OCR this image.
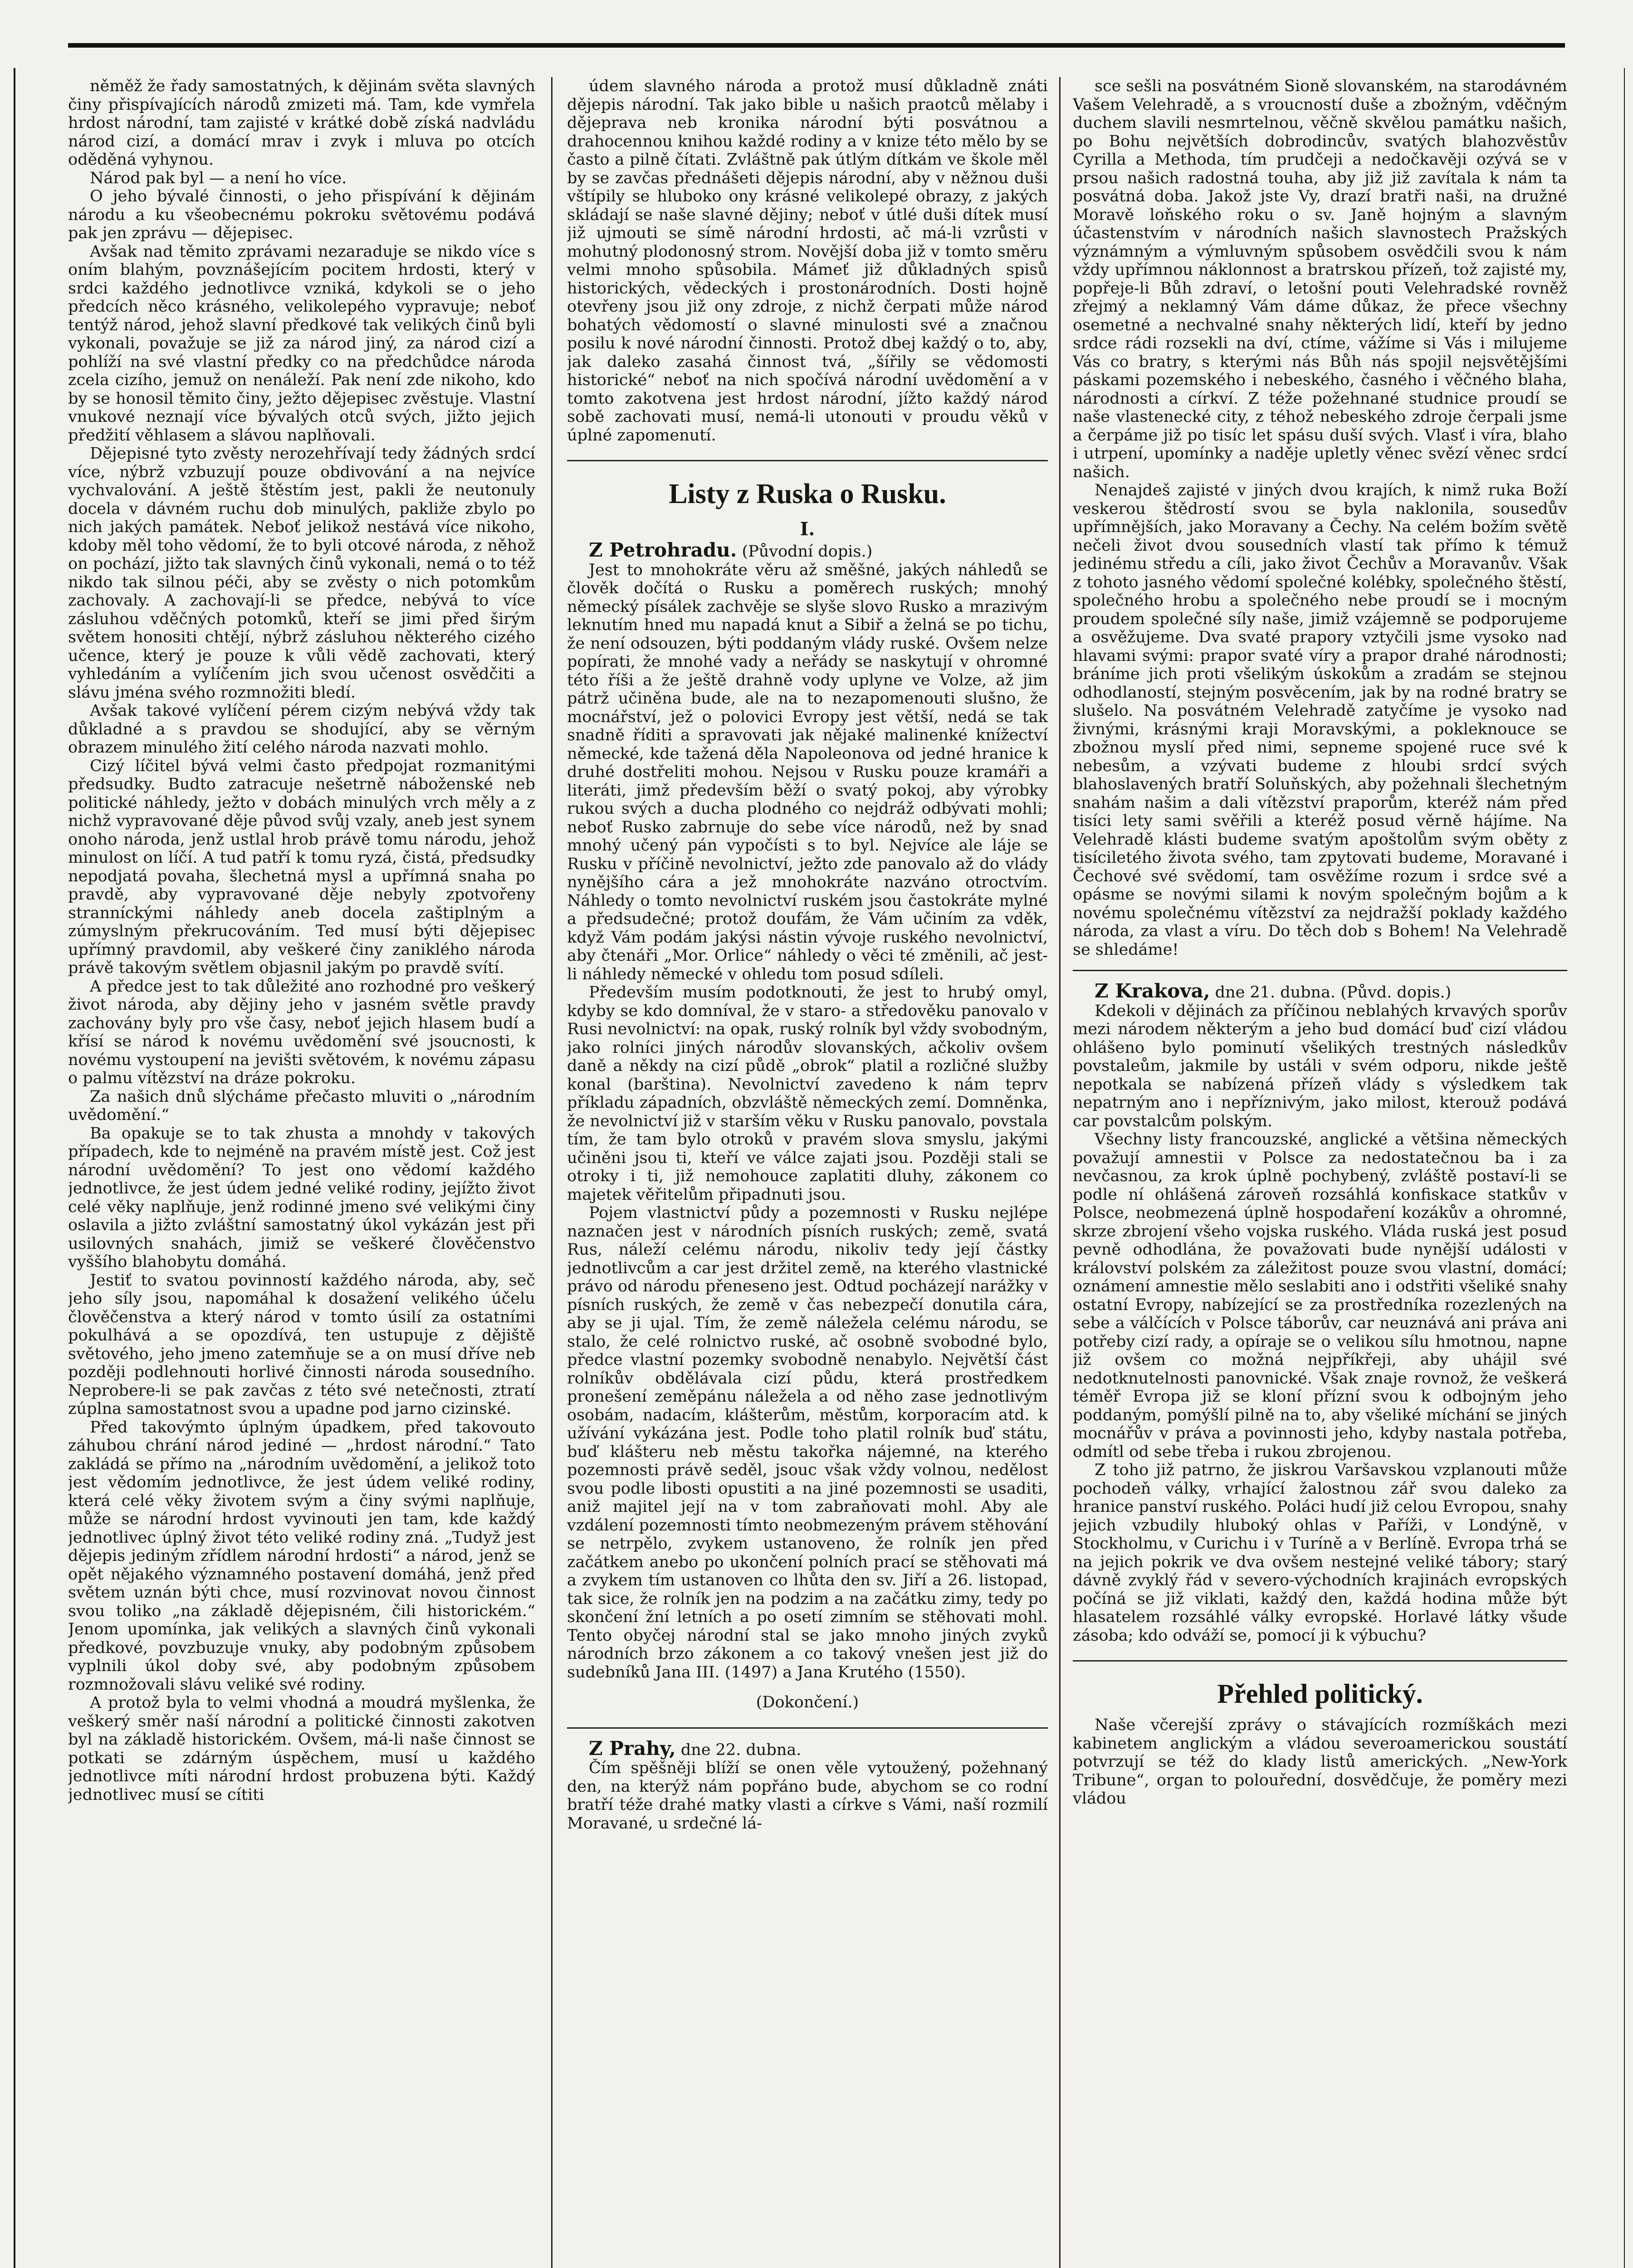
něměž že řady samostatných, k dějinám světa slavných činy přispívajících národů zmizeti má. Tam, kde vymřela hrdost národní, tam zajisté v krátké době získá nadvládu národ cizí, a domácí mrav i zvyk i mluva po otcích oděděná vyhynou.

Národ pak byl — a není ho více.

O jeho bývalé činnosti, o jeho přispívání k dějinám národu a ku všeobecnému pokroku světovému podává pak jen zprávu — dějepisec.

Avšak nad těmito zprávami nezaraduje se nikdo více s oním blahým, povznášejícím pocitem hrdosti, který v srdci každého jednotlivce vzniká, kdykoli se o jeho předcích něco krásného, velikolepého vypravuje; neboť tentýž národ, jehož slavní předkové tak velikých činů byli vykonali, považuje se již za národ jiný, za národ cizí a pohlíží na své vlastní předky co na předchůdce národa zcela cizího, jemuž on nenáleží. Pak není zde nikoho, kdo by se honosil těmito činy, ježto dějepisec zvěstuje. Vlastní vnukové neznají více bývalých otců svých, jižto jejich předžití věhlasem a slávou naplňovali.

Dějepisné tyto zvěsty nerozehřívají tedy žádných srdcí více, nýbrž vzbuzují pouze obdivování a na nejvíce vychvalování. A ještě štěstím jest, pakli že neutonuly docela v dávném ruchu dob minulých, pakliže zbylo po nich jakých památek. Neboť jelikož nestává více nikoho, kdoby měl toho vědomí, že to byli otcové národa, z něhož on pochází, jižto tak slavných činů vykonali, nemá o to též nikdo tak silnou péči, aby se zvěsty o nich potomkům zachovaly. A zachovají-li se předce, nebývá to více zásluhou vděčných potomků, kteří se jimi před širým světem honositi chtějí, nýbrž zásluhou některého cizého učence, který je pouze k vůli vědě zachovati, který vyhledáním a vylíčením jich svou učenost osvědčiti a slávu jména svého rozmnožiti bledí.

Avšak takové vylíčení pérem cizým nebývá vždy tak důkladné a s pravdou se shodující, aby se věrným obrazem minulého žití celého národa nazvati mohlo.

Cizý líčitel bývá velmi často předpojat rozmanitými předsudky. Budto zatracuje nešetrně náboženské neb politické náhledy, ježto v dobách minulých vrch měly a z nichž vypravované děje původ svůj vzaly, aneb jest synem onoho národa, jenž ustlal hrob právě tomu národu, jehož minulost on líčí. A tud patří k tomu ryzá, čistá, předsudky nepodjatá povaha, šlechetná mysl a upřímná snaha po pravdě, aby vypravované děje nebyly zpotvořeny stranníckými náhledy aneb docela zaštiplným a zúmyslným překrucováním. Ted musí býti dějepisec upřímný pravdomil, aby veškeré činy zaniklého národa právě takovým světlem objasnil jakým po pravdě svítí.

A předce jest to tak důležité ano rozhodné pro veškerý život národa, aby dějiny jeho v jasném světle pravdy zachovány byly pro vše časy, neboť jejich hlasem budí a křísí se národ k novému uvědomění své jsoucnosti, k novému vystoupení na jevišti světovém, k novému zápasu o palmu vítězství na dráze pokroku.

Za našich dnů slýcháme přečasto mluviti o „národním uvědomění.“

Ba opakuje se to tak zhusta a mnohdy v takových případech, kde to nejméně na pravém místě jest. Což jest národní uvědomění? To jest ono vědomí každého jednotlivce, že jest údem jedné veliké rodiny, jejížto život celé věky naplňuje, jenž rodinné jmeno své velikými činy oslavila a jižto zvláštní samostatný úkol vykázán jest při usilovných snahách, jimiž se veškeré člověčenstvo vyššího blahobytu domáhá.

Jestiť to svatou povinností každého národa, aby, seč jeho síly jsou, napomáhal k dosažení velikého účelu člověčenstva a který národ v tomto úsilí za ostatními pokulhává a se opozdívá, ten ustupuje z dějiště světového, jeho jmeno zatemňuje se a on musí dříve neb později podlehnouti horlivé činnosti národa sousedního. Neprobere-li se pak zavčas z této své netečnosti, ztratí zúplna samostatnost svou a upadne pod jarno cizinské.

Před takovýmto úplným úpadkem, před takovouto záhubou chrání národ jediné — „hrdost národní.“ Tato zakládá se přímo na „národním uvědomění, a jelikož toto jest vědomím jednotlivce, že jest údem veliké rodiny, která celé věky životem svým a činy svými naplňuje, může se národní hrdost vyvinouti jen tam, kde každý jednotlivec úplný život této veliké rodiny zná. „Tudyž jest dějepis jediným zřídlem národní hrdosti“ a národ, jenž se opět nějakého významného postavení domáhá, jenž před světem uznán býti chce, musí rozvinovat novou činnost svou toliko „na základě dějepisném, čili historickém.“ Jenom upomínka, jak velikých a slavných činů vykonali předkové, povzbuzuje vnuky, aby podobným způsobem vyplnili úkol doby své, aby podobným způsobem rozmnožovali slávu veliké své rodiny.

A protož byla to velmi vhodná a moudrá myšlenka, že veškerý směr naší národní a politické činnosti zakotven byl na základě historickém. Ovšem, má-li naše činnost se potkati se zdárným úspěchem, musí u každého jednotlivce míti národní hrdost probuzena býti. Každý jednotlivec musí se cítiti

údem slavného národa a protož musí důkladně znáti dějepis národní. Tak jako bible u našich praotců mělaby i dějeprava neb kronika národní býti posvátnou a drahocennou knihou každé rodiny a v knize této mělo by se často a pilně čítati. Zvláštně pak útlým dítkám ve škole měl by se zavčas přednášeti dějepis národní, aby v něžnou duši vštípily se hluboko ony krásné velikolepé obrazy, z jakých skládají se naše slavné dějiny; neboť v útlé duši dítek musí již ujmouti se símě národní hrdosti, ač má-li vzrůsti v mohutný plodonosný strom. Novější doba již v tomto směru velmi mnoho spůsobila. Mámeť již důkladných spisů historických, vědeckých i prostonárodních. Dosti hojně otevřeny jsou již ony zdroje, z nichž čerpati může národ bohatých vědomostí o slavné minulosti své a značnou posilu k nové národní činnosti. Protož dbej každý o to, aby, jak daleko zasahá činnost tvá, „šířily se vědomosti historické“ neboť na nich spočívá národní uvědomění a v tomto zakotvena jest hrdost národní, jížto každý národ sobě zachovati musí, nemá-li utonouti v proudu věků v úplné zapomenutí.

Listy z Ruska o Rusku.
I.

Z Petrohradu. (Původní dopis.)

Jest to mnohokráte věru až směšné, jakých náhledů se člověk dočítá o Rusku a poměrech ruských; mnohý německý písálek zachvěje se slyše slovo Rusko a mrazivým leknutím hned mu napadá knut a Sibiř a želná se po tichu, že není odsouzen, býti poddaným vlády ruské. Ovšem nelze popírati, že mnohé vady a neřády se naskytují v ohromné této říši a že ještě drahně vody uplyne ve Volze, až jim pátrž učiněna bude, ale na to nezapomenouti slušno, že mocnářství, jež o polovici Evropy jest větší, nedá se tak snadně říditi a spravovati jak nějaké malinenké knížectví německé, kde tažená děla Napoleonova od jedné hranice k druhé dostřeliti mohou. Nejsou v Rusku pouze kramáři a literáti, jimž především běží o svatý pokoj, aby výrobky rukou svých a ducha plodného co nejdráž odbývati mohli; neboť Rusko zabrnuje do sebe více národů, než by snad mnohý učený pán vypočísti s to byl. Nejvíce ale láje se Rusku v příčině nevolnictví, ježto zde panovalo až do vlády nynějšího cára a jež mnohokráte nazváno otroctvím. Náhledy o tomto nevolnictví ruském jsou častokráte mylné a předsudečné; protož doufám, že Vám učiním za vděk, když Vám podám jakýsi nástin vývoje ruského nevolnictví, aby čtenáři „Mor. Orlice“ náhledy o věci té změnili, ač jest-li náhledy německé v ohledu tom posud sdíleli.

Především musím podotknouti, že jest to hrubý omyl, kdyby se kdo domníval, že v staro- a středověku panovalo v Rusi nevolnictví: na opak, ruský rolník byl vždy svobodným, jako rolníci jiných národův slovanských, ačkoliv ovšem daně a někdy na cizí půdě „obrok“ platil a rozličné služby konal (barština). Nevolnictví zavedeno k nám teprv příkladu západních, obzvláště německých zemí. Domněnka, že nevolnictví již v starším věku v Rusku panovalo, povstala tím, že tam bylo otroků v pravém slova smyslu, jakými učiněni jsou ti, kteří ve válce zajati jsou. Později stali se otroky i ti, již nemohouce zaplatiti dluhy, zákonem co majetek věřitelům připadnuti jsou.

Pojem vlastnictví půdy a pozemnosti v Rusku nejlépe naznačen jest v národních písních ruských; země, svatá Rus, náleží celému národu, nikoliv tedy její částky jednotlivcům a car jest držitel země, na kterého vlastnické právo od národu přeneseno jest. Odtud pocházejí narážky v písních ruských, že země v čas nebezpečí donutila cára, aby se ji ujal. Tím, že země náležela celému národu, se stalo, že celé rolnictvo ruské, ač osobně svobodné bylo, předce vlastní pozemky svobodně nenabylo. Největší část rolníkův obdělávala cizí půdu, která prostředkem pronešení zeměpánu náležela a od něho zase jednotlivým osobám, nadacím, klášterům, městům, korporacím atd. k užívání vykázána jest. Podle toho platil rolník buď státu, buď klášteru neb městu takořka nájemné, na kterého pozemnosti právě seděl, jsouc však vždy volnou, nedělost svou podle libosti opustiti a na jiné pozemnosti se usaditi, aniž majitel její na v tom zabraňovati mohl. Aby ale vzdálení pozemnosti tímto neobmezeným právem stěhování se netrpělo, zvykem ustanoveno, že rolník jen před začátkem anebo po ukončení polních prací se stěhovati má a zvykem tím ustanoven co lhůta den sv. Jiří a 26. listopad, tak sice, že rolník jen na podzim a na začátku zimy, tedy po skončení žní letních a po osetí zimním se stěhovati mohl. Tento obyčej národní stal se jako mnoho jiných zvyků národních brzo zákonem a co takový vnešen jest již do sudebníků Jana III. (1497) a Jana Krutého (1550).

(Dokončení.)

Z Prahy, dne 22. dubna.

Čím spěšněji blíží se onen věle vytoužený, požehnaný den, na kterýž nám popřáno bude, abychom se co rodní bratří téže drahé matky vlasti a církve s Vámi, naší rozmilí Moravané, u srdečné lá-

sce sešli na posvátném Sioně slovanském, na starodávném Vašem Velehradě, a s vroucností duše a zbožným, vděčným duchem slavili nesmrtelnou, věčně skvělou památku našich, po Bohu největších dobrodincův, svatých blahozvěstův Cyrilla a Methoda, tím prudčeji a nedočkavěji ozývá se v prsou našich radostná touha, aby již již zavítala k nám ta posvátná doba. Jakož jste Vy, drazí bratři naši, na družné Moravě loňského roku o sv. Janě hojným a slavným účastenstvím v národních našich slavnostech Pražských význámným a výmluvným spůsobem osvědčili svou k nám vždy upřímnou náklonnost a bratrskou přízeň, tož zajisté my, popřeje-li Bůh zdraví, o letošní pouti Velehradské rovněž zřejmý a neklamný Vám dáme důkaz, že přece všechny osemetné a nechvalné snahy některých lidí, kteří by jedno srdce rádi rozsekli na dví, ctíme, vážíme si Vás i milujeme Vás co bratry, s kterými nás Bůh nás spojil nejsvětějšími páskami pozemského i nebeského, časného i věčného blaha, národnosti a církví. Z téže požehnané studnice proudí se naše vlastenecké city, z téhož nebeského zdroje čerpali jsme a čerpáme již po tisíc let spásu duší svých. Vlasť i víra, blaho i utrpení, upomínky a naděje upletly věnec svězí věnec srdcí našich.

Nenajdeš zajisté v jiných dvou krajích, k nimž ruka Boží veskerou štědrostí svou se byla naklonila, sousedův upřímnějších, jako Moravany a Čechy. Na celém božím světě nečeli život dvou sousedních vlastí tak přímo k témuž jedinému středu a cíli, jako život Čechův a Moravanův. Však z tohoto jasného vědomí společné kolébky, společného štěstí, společného hrobu a společného nebe proudí se i mocným proudem společné síly naše, jimiž vzájemně se podporujeme a osvěžujeme. Dva svaté prapory vztyčili jsme vysoko nad hlavami svými: prapor svaté víry a prapor drahé národnosti; bráníme jich proti všelikým úskokům a zradám se stejnou odhodlaností, stejným posvěcením, jak by na rodné bratry se slušelo. Na posvátném Velehradě zatyčíme je vysoko nad živnými, krásnými kraji Moravskými, a pokleknouce se zbožnou myslí před nimi, sepneme spojené ruce své k nebesům, a vzývati budeme z hloubi srdcí svých blahoslavených bratří Soluňských, aby požehnali šlechetným snahám našim a dali vítězství praporům, kteréž nám před tisíci lety sami svěřili a kteréž posud věrně hájíme. Na Velehradě klásti budeme svatým apoštolům svým oběty z tisíciletého života svého, tam zpytovati budeme, Moravané i Čechové své svědomí, tam osvěžíme rozum i srdce své a opásme se novými silami k novým společným bojům a k novému společnému vítězství za nejdražší poklady každého národa, za vlast a víru. Do těch dob s Bohem! Na Velehradě se shledáme!

Z Krakova, dne 21. dubna. (Půvd. dopis.)

Kdekoli v dějinách za příčinou neblahých krvavých sporův mezi národem některým a jeho bud domácí buď cizí vládou ohlášeno bylo pominutí všelikých trestných následkův povstaleům, jakmile by ustáli v svém odporu, nikde ještě nepotkala se nabízená přízeň vlády s výsledkem tak nepatrným ano i nepříznivým, jako milost, kterouž podává car povstalcům polským.

Všechny listy francouzské, anglické a většina německých považují amnestii v Polsce za nedostatečnou ba i za nevčasnou, za krok úplně pochybený, zvláště postaví-li se podle ní ohlášená zároveň rozsáhlá konfiskace statkův v Polsce, neobmezená úplně hospodaření kozákův a ohromné, skrze zbrojení všeho vojska ruského. Vláda ruská jest posud pevně odhodlána, že považovati bude nynější události v království polském za záležitost pouze svou vlastní, domácí; oznámení amnestie mělo seslabiti ano i odstřiti všeliké snahy ostatní Evropy, nabízející se za prostředníka rozezlených na sebe a válčících v Polsce táborův, car neuznává ani práva ani potřeby cizí rady, a opíraje se o velikou sílu hmotnou, napne již ovšem co možná nejpříkřeji, aby uhájil své nedotknutelnosti panovnické. Však znaje rovnož, že veškerá téměř Evropa již se kloní přízní svou k odbojným jeho poddaným, pomýšlí pilně na to, aby všeliké míchání se jiných mocnářův v práva a povinnosti jeho, kdyby nastala potřeba, odmítl od sebe třeba i rukou zbrojenou.

Z toho již patrno, že jiskrou Varšavskou vzplanouti může pochodeň války, vrhající žalostnou zář svou daleko za hranice panství ruského. Poláci hudí již celou Evropou, snahy jejich vzbudily hluboký ohlas v Paříži, v Londýně, v Stockholmu, v Curichu i v Turíně a v Berlíně. Evropa trhá se na jejich pokrik ve dva ovšem nestejné veliké tábory; starý dávně zvyklý řád v severo-východních krajinách evropských počíná se již viklati, každý den, každá hodina může být hlasatelem rozsáhlé války evropské. Horlavé látky všude zásoba; kdo odváží se, pomocí ji k výbuchu?

Přehled politický.

Naše včerejší zprávy o stávajících rozmíškách mezi kabinetem anglickým a vládou severoamerickou soustátí potvrzují se též do klady listů amerických. „New-York Tribune“, organ to polouřední, dosvědčuje, že poměry mezi vládou
